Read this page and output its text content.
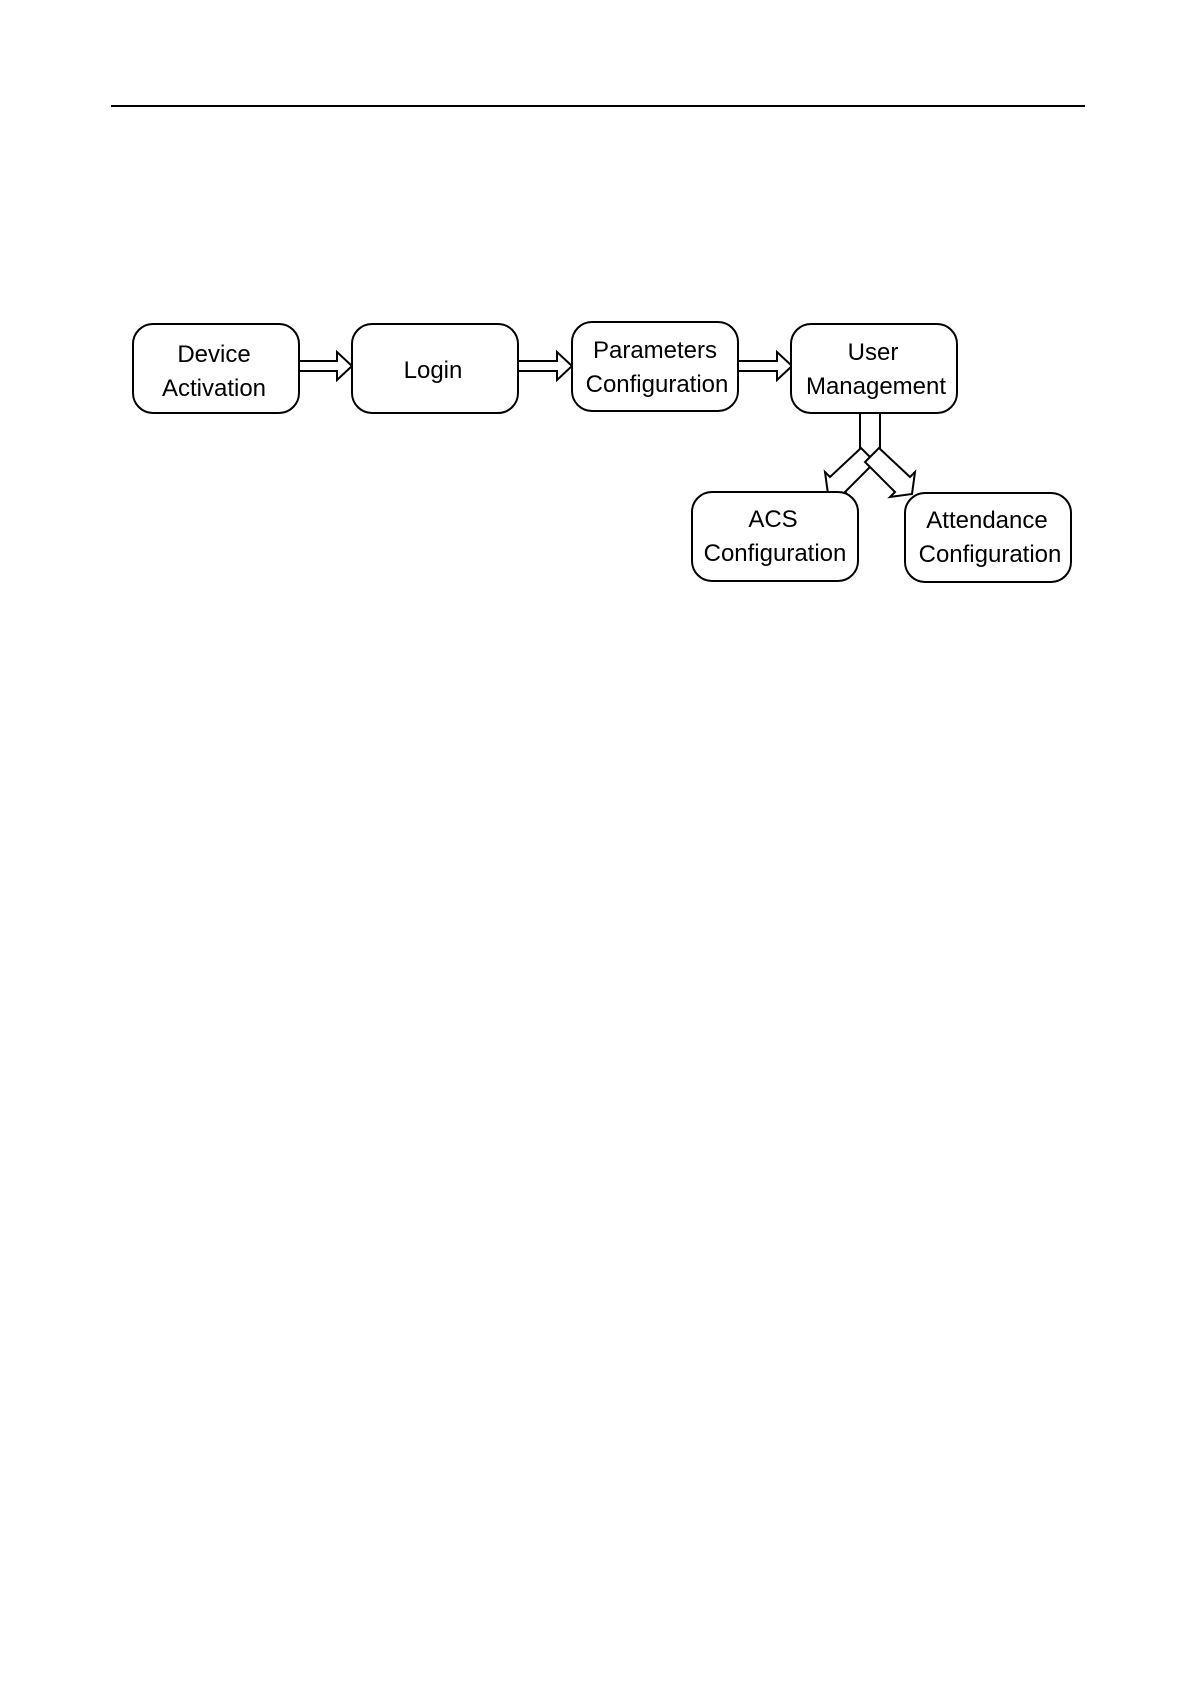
Device
Activation
Login
Parameters
Configuration
User
Management
ACS
Configuration
Attendance
Configuration
